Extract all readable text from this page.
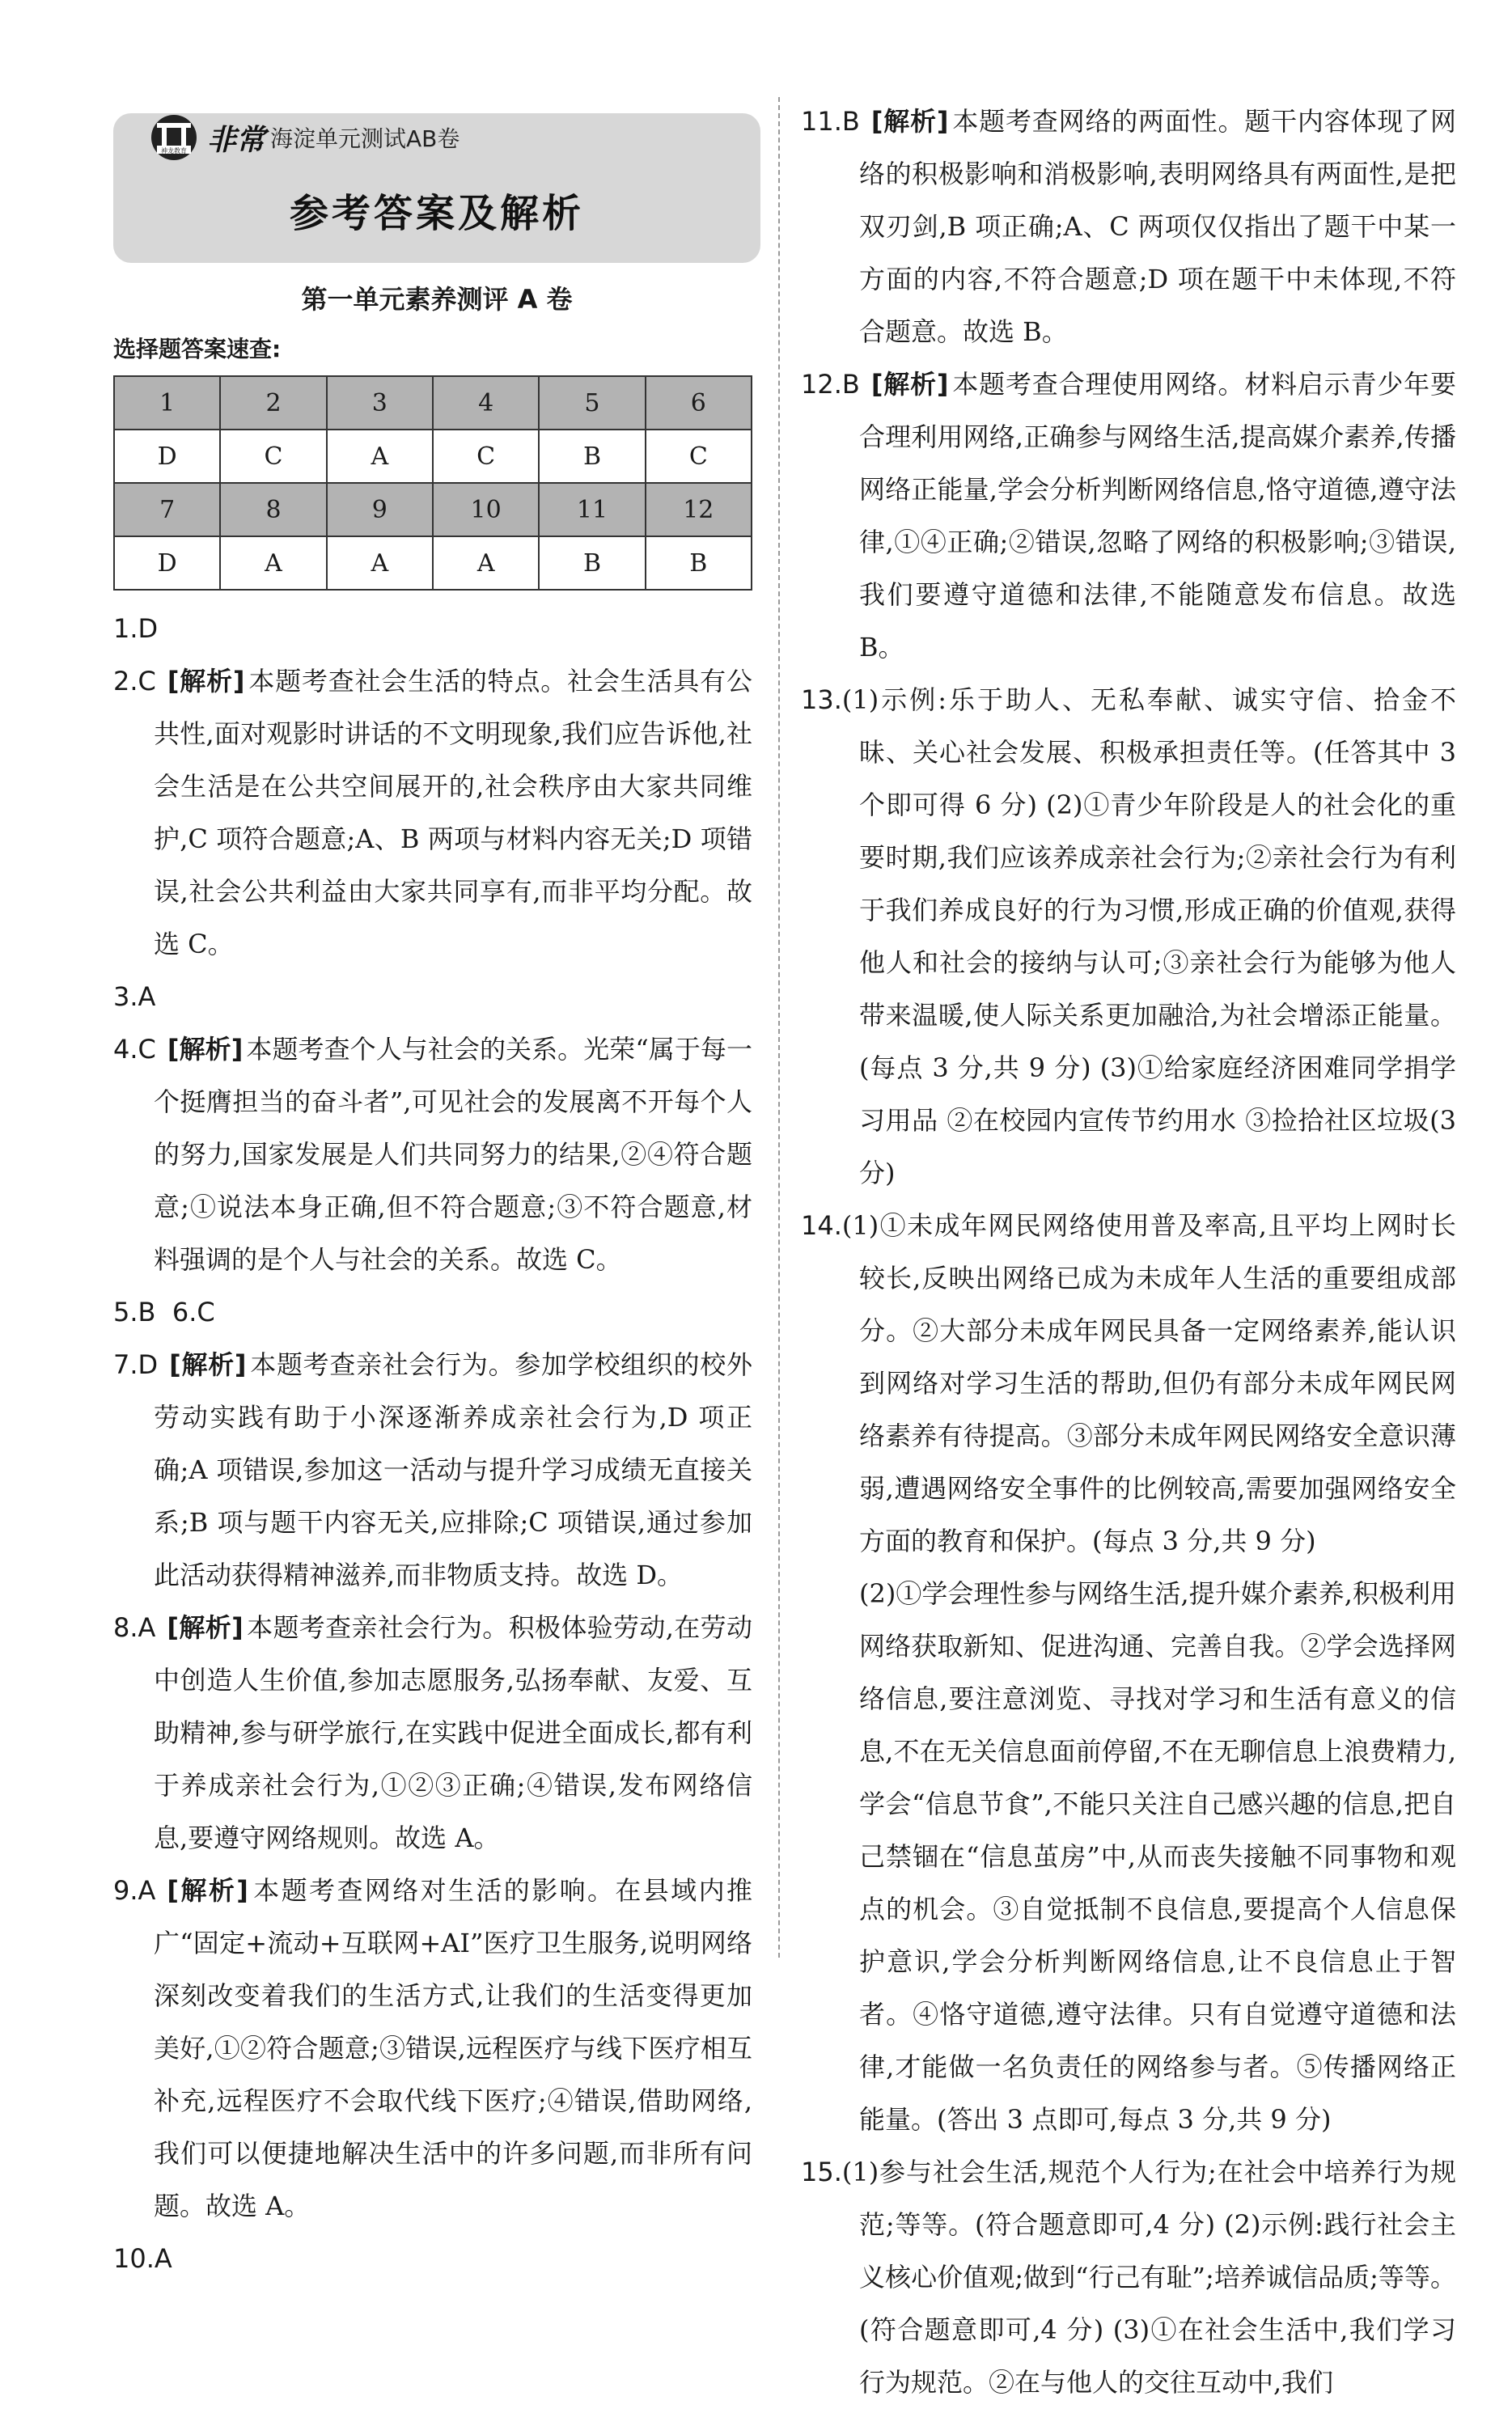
神龙教育 非常 海淀单元测试AB卷
参考答案及解析
第一单元素养测评 A 卷
选择题答案速查:
1	2	3	4	5	6
D	C	A	C	B	C
7	8	9	10	11	12
D	A	A	A	B	B
1.D
2.C [解析] 本题考查社会生活的特点。社会生活具有公共性,面对观影时讲话的不文明现象,我们应告诉他,社会生活是在公共空间展开的,社会秩序由大家共同维护,C 项符合题意;A、B 两项与材料内容无关;D 项错误,社会公共利益由大家共同享有,而非平均分配。故选 C。
3.A
4.C [解析] 本题考查个人与社会的关系。光荣“属于每一个挺膺担当的奋斗者”,可见社会的发展离不开每个人的努力,国家发展是人们共同努力的结果,②④符合题意;①说法本身正确,但不符合题意;③不符合题意,材料强调的是个人与社会的关系。故选 C。
5.B 6.C
7.D [解析] 本题考查亲社会行为。参加学校组织的校外劳动实践有助于小深逐渐养成亲社会行为,D 项正确;A 项错误,参加这一活动与提升学习成绩无直接关系;B 项与题干内容无关,应排除;C 项错误,通过参加此活动获得精神滋养,而非物质支持。故选 D。
8.A [解析] 本题考查亲社会行为。积极体验劳动,在劳动中创造人生价值,参加志愿服务,弘扬奉献、友爱、互助精神,参与研学旅行,在实践中促进全面成长,都有利于养成亲社会行为,①②③正确;④错误,发布网络信息,要遵守网络规则。故选 A。
9.A [解析] 本题考查网络对生活的影响。在县域内推广“固定+流动+互联网+AI”医疗卫生服务,说明网络深刻改变着我们的生活方式,让我们的生活变得更加美好,①②符合题意;③错误,远程医疗与线下医疗相互补充,远程医疗不会取代线下医疗;④错误,借助网络,我们可以便捷地解决生活中的许多问题,而非所有问题。故选 A。
10.A
11.B [解析] 本题考查网络的两面性。题干内容体现了网络的积极影响和消极影响,表明网络具有两面性,是把双刃剑,B 项正确;A、C 两项仅仅指出了题干中某一方面的内容,不符合题意;D 项在题干中未体现,不符合题意。故选 B。
12.B [解析] 本题考查合理使用网络。材料启示青少年要合理利用网络,正确参与网络生活,提高媒介素养,传播网络正能量,学会分析判断网络信息,恪守道德,遵守法律,①④正确;②错误,忽略了网络的积极影响;③错误,我们要遵守道德和法律,不能随意发布信息。故选 B。
13.(1)示例:乐于助人、无私奉献、诚实守信、拾金不昧、关心社会发展、积极承担责任等。(任答其中 3 个即可得 6 分) (2)①青少年阶段是人的社会化的重要时期,我们应该养成亲社会行为;②亲社会行为有利于我们养成良好的行为习惯,形成正确的价值观,获得他人和社会的接纳与认可;③亲社会行为能够为他人带来温暖,使人际关系更加融洽,为社会增添正能量。(每点 3 分,共 9 分) (3)①给家庭经济困难同学捐学习用品 ②在校园内宣传节约用水 ③捡拾社区垃圾(3 分)
14.(1)①未成年网民网络使用普及率高,且平均上网时长较长,反映出网络已成为未成年人生活的重要组成部分。②大部分未成年网民具备一定网络素养,能认识到网络对学习生活的帮助,但仍有部分未成年网民网络素养有待提高。③部分未成年网民网络安全意识薄弱,遭遇网络安全事件的比例较高,需要加强网络安全方面的教育和保护。(每点 3 分,共 9 分)
(2)①学会理性参与网络生活,提升媒介素养,积极利用网络获取新知、促进沟通、完善自我。②学会选择网络信息,要注意浏览、寻找对学习和生活有意义的信息,不在无关信息面前停留,不在无聊信息上浪费精力,学会“信息节食”,不能只关注自己感兴趣的信息,把自己禁锢在“信息茧房”中,从而丧失接触不同事物和观点的机会。③自觉抵制不良信息,要提高个人信息保护意识,学会分析判断网络信息,让不良信息止于智者。④恪守道德,遵守法律。只有自觉遵守道德和法律,才能做一名负责任的网络参与者。⑤传播网络正能量。(答出 3 点即可,每点 3 分,共 9 分)
15.(1)参与社会生活,规范个人行为;在社会中培养行为规范;等等。(符合题意即可,4 分) (2)示例:践行社会主义核心价值观;做到“行己有耻”;培养诚信品质;等等。(符合题意即可,4 分) (3)①在社会生活中,我们学习行为规范。②在与他人的交往互动中,我们
